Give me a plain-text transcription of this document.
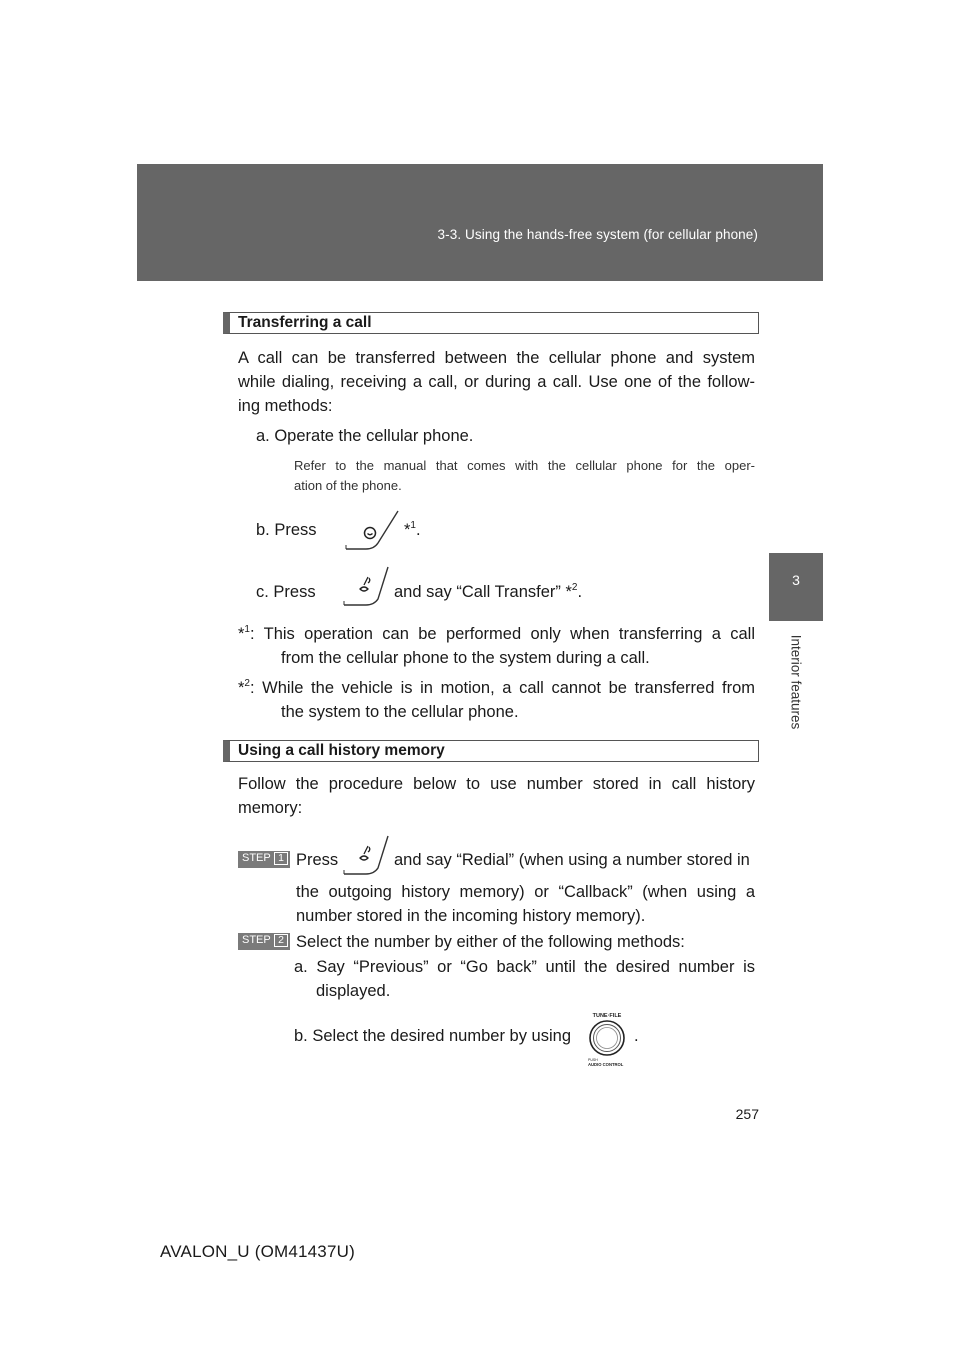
3-3. Using the hands-free system (for cellular phone)
3
Interior features
Transferring a call
A call can be transferred between the cellular phone and system
while dialing, receiving a call, or during a call. Use one of the follow-
ing methods:
a. Operate the cellular phone.
Refer to the manual that comes with the cellular phone for the oper-
ation of the phone.
b. Press	*$^1$.
c. Press	and say “Call Transfer” *$^2$.
*$^1$: This operation can be performed only when transferring a call
from the cellular phone to the system during a call.
*$^2$: While the vehicle is in motion, a call cannot be transferred from
the system to the cellular phone.
Using a call history memory
Follow the procedure below to use number stored in call history
memory:
STEP 1 Press	and say “Redial” (when using a number stored in
the outgoing history memory) or “Callback” (when using a
number stored in the incoming history memory).
STEP 2 Select the number by either of the following methods:
a. Say “Previous” or “Go back” until the desired number is
displayed.
b. Select the desired number by using
TUNE·FILE
PUSH
AUDIO CONTROL
.
257
AVALON_U (OM41437U)
